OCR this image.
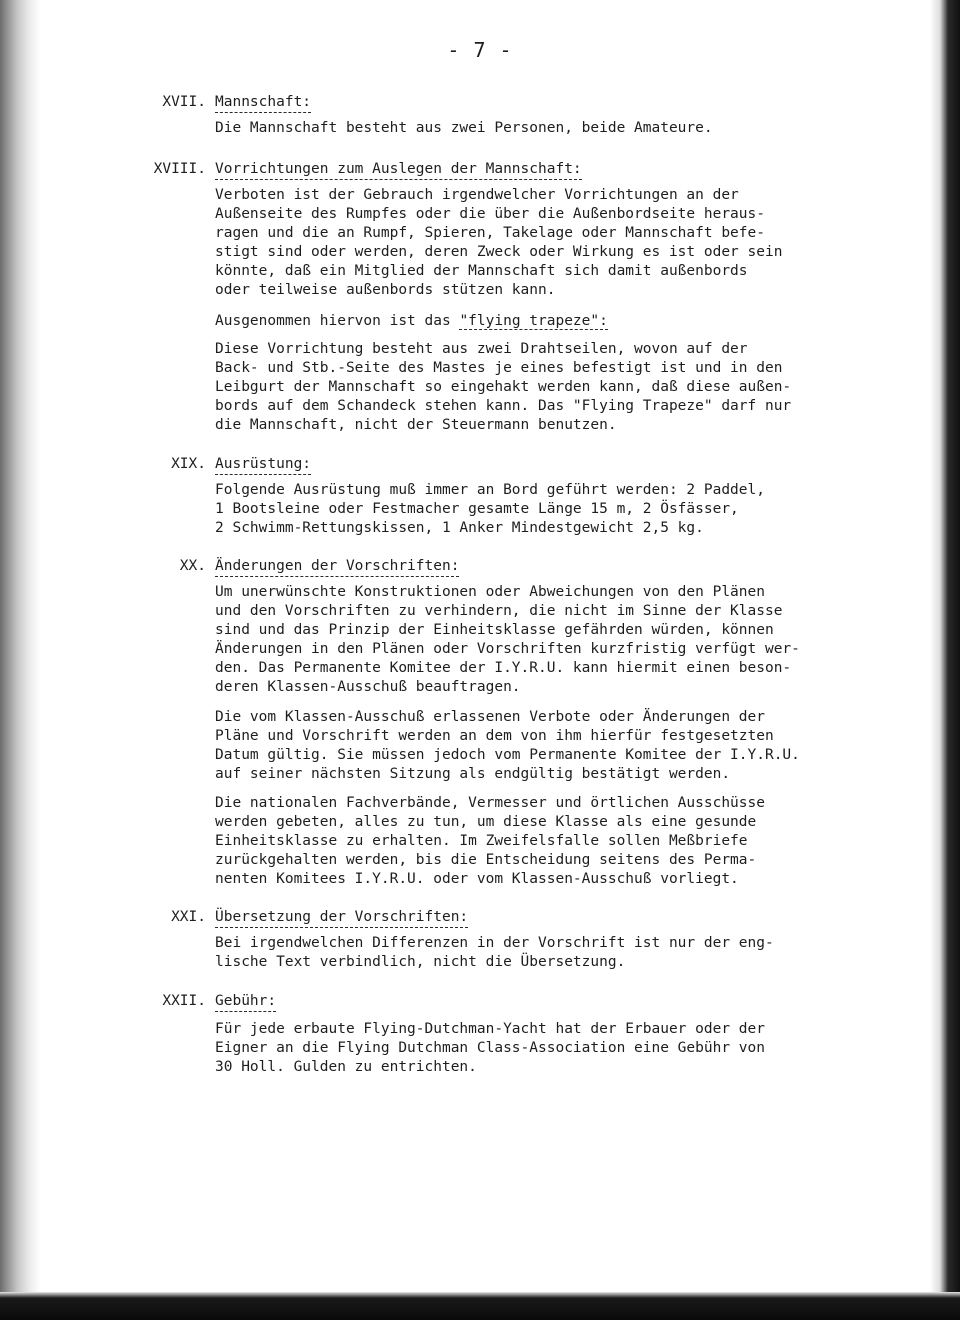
- 7 -
XVII. Mannschaft:
Die Mannschaft besteht aus zwei Personen, beide Amateure.
XVIII. Vorrichtungen zum Auslegen der Mannschaft:
Verboten ist der Gebrauch irgendwelcher Vorrichtungen an der
Außenseite des Rumpfes oder die über die Außenbordseite heraus-
ragen und die an Rumpf, Spieren, Takelage oder Mannschaft befe-
stigt sind oder werden, deren Zweck oder Wirkung es ist oder sein
könnte, daß ein Mitglied der Mannschaft sich damit außenbords
oder teilweise außenbords stützen kann.
Ausgenommen hiervon ist das "flying trapeze":
Diese Vorrichtung besteht aus zwei Drahtseilen, wovon auf der
Back- und Stb.-Seite des Mastes je eines befestigt ist und in den
Leibgurt der Mannschaft so eingehakt werden kann, daß diese außen-
bords auf dem Schandeck stehen kann. Das "Flying Trapeze" darf nur
die Mannschaft, nicht der Steuermann benutzen.
XIX. Ausrüstung:
Folgende Ausrüstung muß immer an Bord geführt werden: 2 Paddel,
1 Bootsleine oder Festmacher gesamte Länge 15 m, 2 Ösfässer,
2 Schwimm-Rettungskissen, 1 Anker Mindestgewicht 2,5 kg.
XX. Änderungen der Vorschriften:
Um unerwünschte Konstruktionen oder Abweichungen von den Plänen
und den Vorschriften zu verhindern, die nicht im Sinne der Klasse
sind und das Prinzip der Einheitsklasse gefährden würden, können
Änderungen in den Plänen oder Vorschriften kurzfristig verfügt wer-
den. Das Permanente Komitee der I.Y.R.U. kann hiermit einen beson-
deren Klassen-Ausschuß beauftragen.
Die vom Klassen-Ausschuß erlassenen Verbote oder Änderungen der
Pläne und Vorschrift werden an dem von ihm hierfür festgesetzten
Datum gültig. Sie müssen jedoch vom Permanente Komitee der I.Y.R.U.
auf seiner nächsten Sitzung als endgültig bestätigt werden.
Die nationalen Fachverbände, Vermesser und örtlichen Ausschüsse
werden gebeten, alles zu tun, um diese Klasse als eine gesunde
Einheitsklasse zu erhalten. Im Zweifelsfalle sollen Meßbriefe
zurückgehalten werden, bis die Entscheidung seitens des Perma-
nenten Komitees I.Y.R.U. oder vom Klassen-Ausschuß vorliegt.
XXI. Übersetzung der Vorschriften:
Bei irgendwelchen Differenzen in der Vorschrift ist nur der eng-
lische Text verbindlich, nicht die Übersetzung.
XXII. Gebühr:
Für jede erbaute Flying-Dutchman-Yacht hat der Erbauer oder der
Eigner an die Flying Dutchman Class-Association eine Gebühr von
30 Holl. Gulden zu entrichten.
